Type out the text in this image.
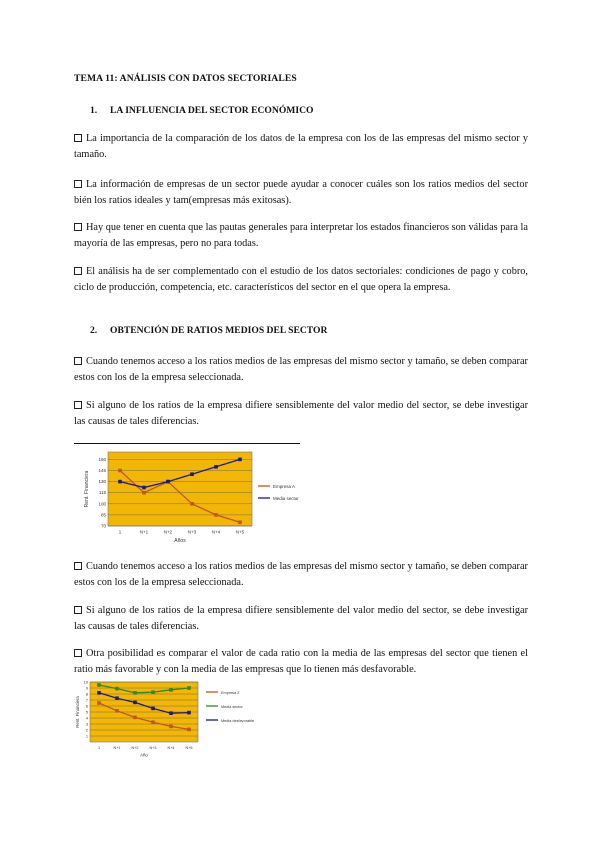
TEMA 11: ANÁLISIS CON DATOS SECTORIALES
1. LA INFLUENCIA DEL SECTOR ECONÓMICO
La importancia de la comparación de los datos de la empresa con los de las empresas del mismo sector y tamaño.
La información de empresas de un sector puede ayudar a conocer cuáles son los ratios medios del sector bién los ratios ideales y tam(empresas más exitosas).
Hay que tener en cuenta que las pautas generales para interpretar los estados financieros son válidas para la mayoría de las empresas, pero no para todas.
El análisis ha de ser complementado con el estudio de los datos sectoriales: condiciones de pago y cobro, ciclo de producción, competencia, etc. característicos del sector en el que opera la empresa.
2. OBTENCIÓN DE RATIOS MEDIOS DEL SECTOR
Cuando tenemos acceso a los ratios medios de las empresas del mismo sector y tamaño, se deben comparar estos con los de la empresa seleccionada.
Si alguno de los ratios de la empresa difiere sensiblemente del valor medio del sector, se debe investigar las causas de tales diferencias.
70
85
100
115
130
145
160
1	N+1	N+2	N+3	N+4	N+5
Años
Rent. Financiera	Empresa A
Media sector
Cuando tenemos acceso a los ratios medios de las empresas del mismo sector y tamaño, se deben comparar estos con los de la empresa seleccionada.
Si alguno de los ratios de la empresa difiere sensiblemente del valor medio del sector, se debe investigar las causas de tales diferencias.
Otra posibilidad es comparar el valor de cada ratio con la media de las empresas del sector que tienen el ratio más favorable y con la media de las empresas que lo tienen más desfavorable.
1
2
3
4
5
6
7
8
9
10
1	N+1	N+2	N+3	N+4	N+5
Año
Rent. Financiera
Empresa Z
Media sector
Media desfavorable
